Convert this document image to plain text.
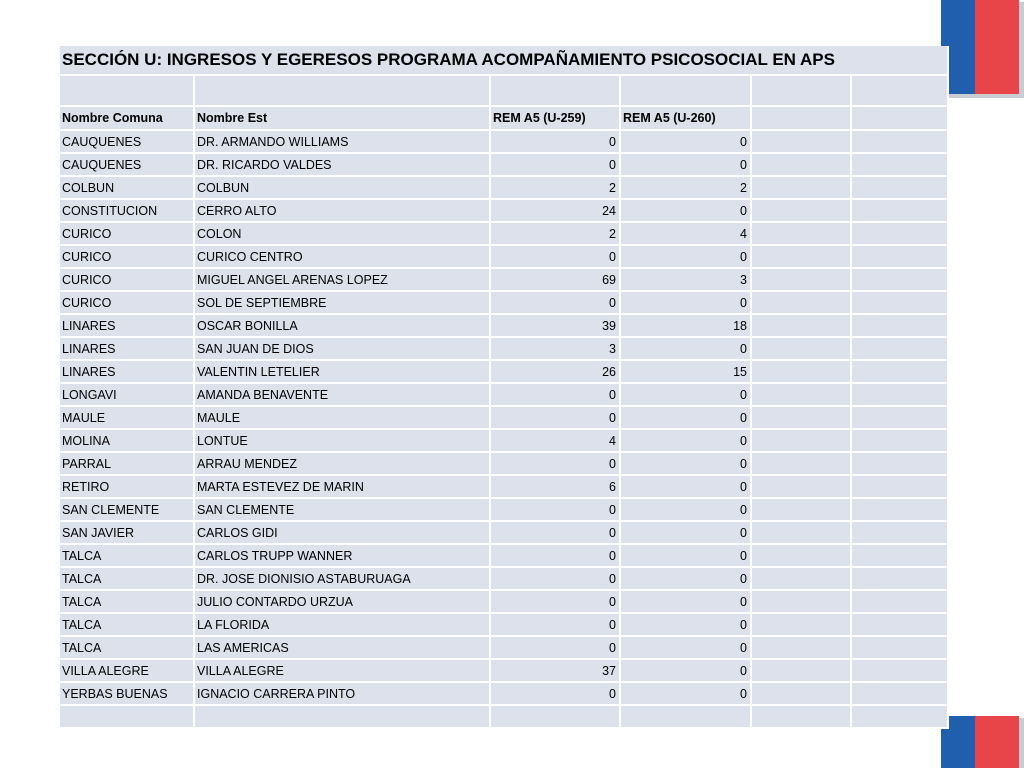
SECCIÓN U: INGRESOS Y EGERESOS PROGRAMA ACOMPAÑAMIENTO PSICOSOCIAL EN APS					

Nombre Comuna	Nombre Est	REM A5 (U-259)	REM A5 (U-260)		
CAUQUENES	DR. ARMANDO WILLIAMS	0	0		
CAUQUENES	DR. RICARDO VALDES	0	0		
COLBUN	COLBUN	2	2		
CONSTITUCION	CERRO ALTO	24	0		
CURICO	COLON	2	4		
CURICO	CURICO CENTRO	0	0		
CURICO	MIGUEL ANGEL ARENAS LOPEZ	69	3		
CURICO	SOL DE SEPTIEMBRE	0	0		
LINARES	OSCAR BONILLA	39	18		
LINARES	SAN JUAN DE DIOS	3	0		
LINARES	VALENTIN LETELIER	26	15		
LONGAVI	AMANDA BENAVENTE	0	0		
MAULE	MAULE	0	0		
MOLINA	LONTUE	4	0		
PARRAL	ARRAU MENDEZ	0	0		
RETIRO	MARTA ESTEVEZ DE MARIN	6	0		
SAN CLEMENTE	SAN CLEMENTE	0	0		
SAN JAVIER	CARLOS GIDI	0	0		
TALCA	CARLOS TRUPP WANNER	0	0		
TALCA	DR. JOSE DIONISIO ASTABURUAGA	0	0		
TALCA	JULIO CONTARDO URZUA	0	0		
TALCA	LA FLORIDA	0	0		
TALCA	LAS AMERICAS	0	0		
VILLA ALEGRE	VILLA ALEGRE	37	0		
YERBAS BUENAS	IGNACIO CARRERA PINTO	0	0		
